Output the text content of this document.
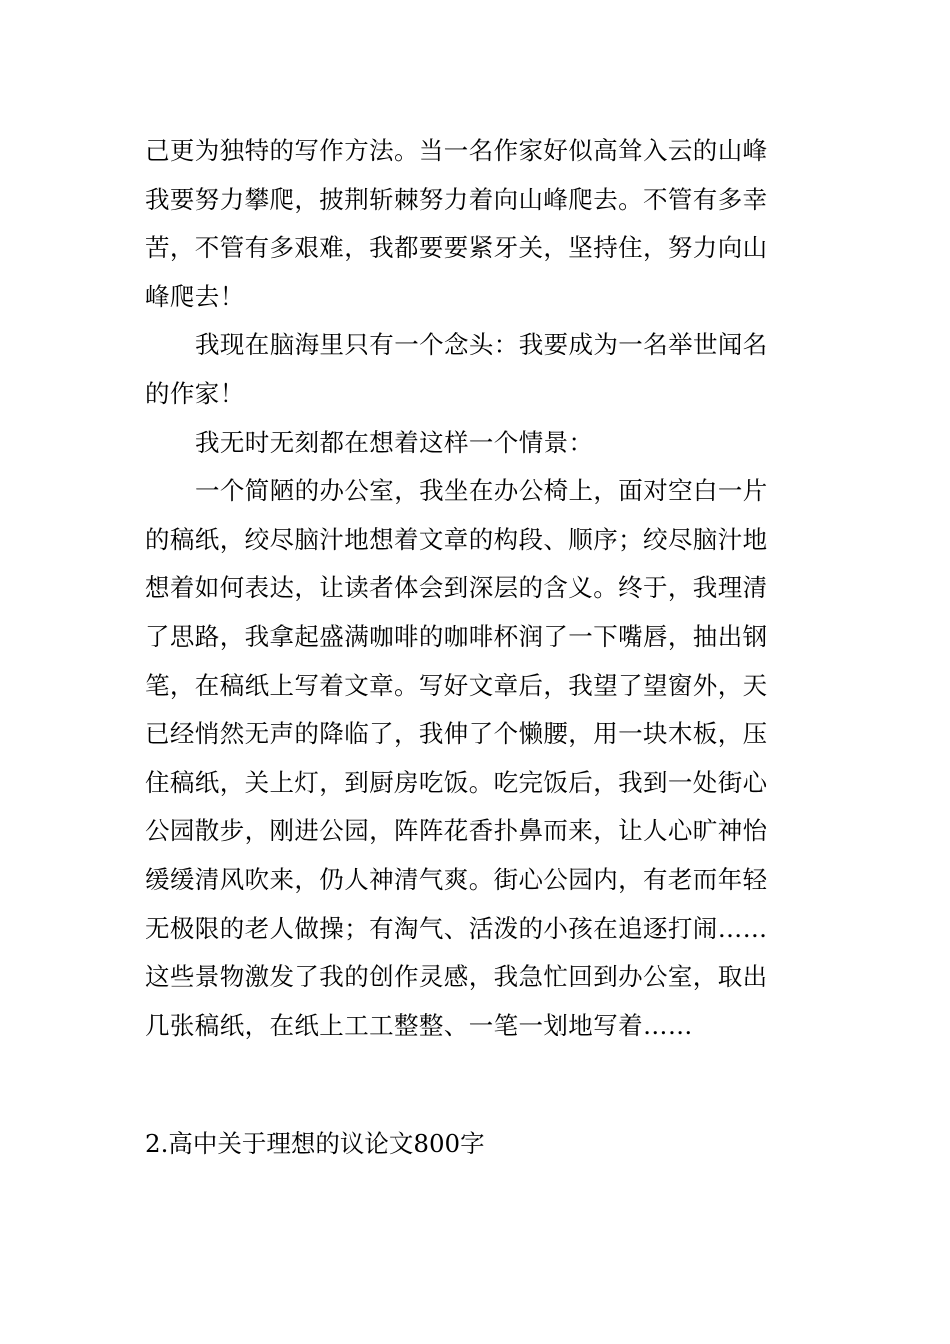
己更为独特的写作方法。当一名作家好似高耸入云的山峰
我要努力攀爬，披荆斩棘努力着向山峰爬去。不管有多幸
苦，不管有多艰难，我都要要紧牙关，坚持住，努力向山
峰爬去！
我现在脑海里只有一个念头：我要成为一名举世闻名
的作家！
我无时无刻都在想着这样一个情景：
一个简陋的办公室，我坐在办公椅上，面对空白一片
的稿纸，绞尽脑汁地想着文章的构段、顺序；绞尽脑汁地
想着如何表达，让读者体会到深层的含义。终于，我理清
了思路，我拿起盛满咖啡的咖啡杯润了一下嘴唇，抽出钢
笔，在稿纸上写着文章。写好文章后，我望了望窗外，天
已经悄然无声的降临了，我伸了个懒腰，用一块木板，压
住稿纸，关上灯，到厨房吃饭。吃完饭后，我到一处街心
公园散步，刚进公园，阵阵花香扑鼻而来，让人心旷神怡
缓缓清风吹来，仍人神清气爽。街心公园内，有老而年轻
无极限的老人做操；有淘气、活泼的小孩在追逐打闹……
这些景物激发了我的创作灵感，我急忙回到办公室，取出
几张稿纸，在纸上工工整整、一笔一划地写着……
2.高中关于理想的议论文800字
